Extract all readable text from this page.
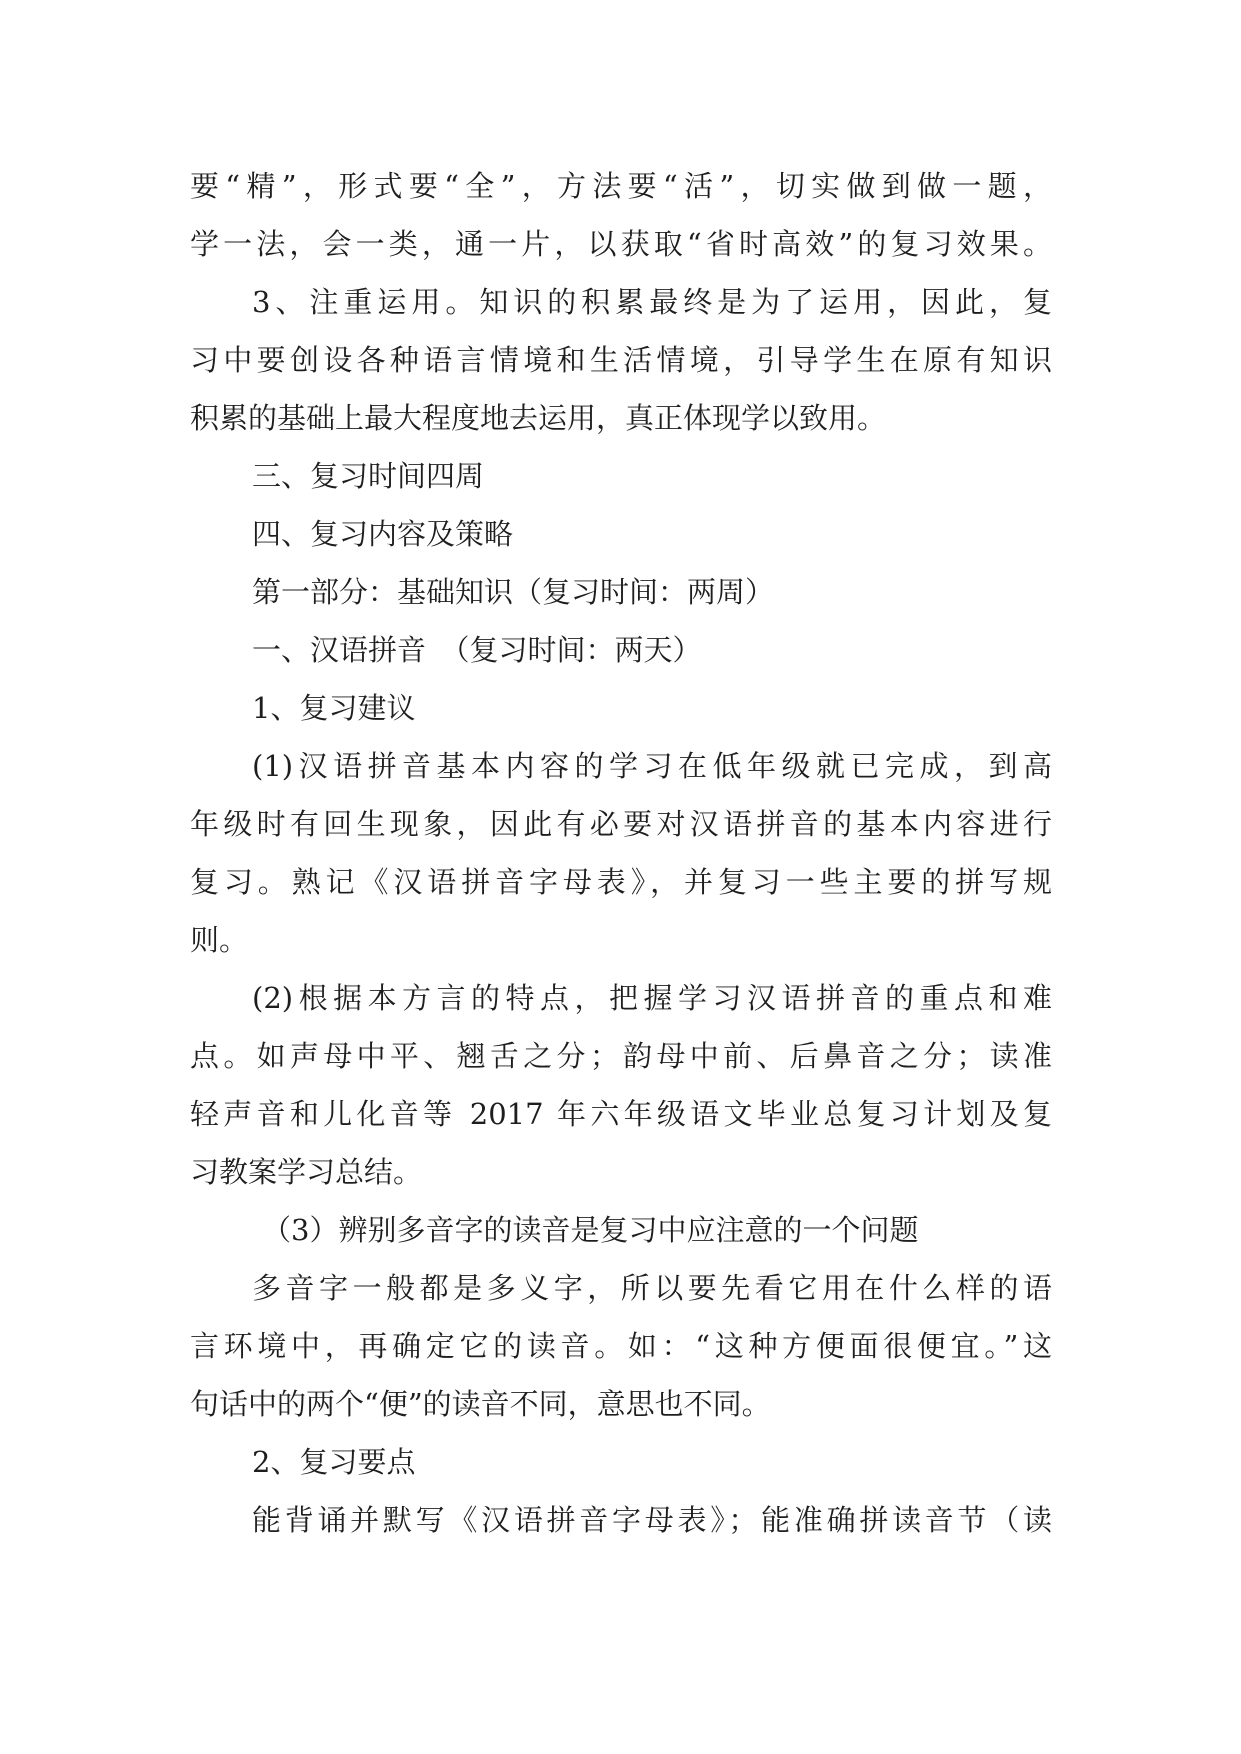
要“精”，形式要“全”，方法要“活”，切实做到做一题，

学一法，会一类，通一片，以获取“省时高效”的复习效果。

3、注重运用。知识的积累最终是为了运用，因此，复

习中要创设各种语言情境和生活情境，引导学生在原有知识

积累的基础上最大程度地去运用，真正体现学以致用。

三、复习时间四周

四、复习内容及策略

第一部分：基础知识（复习时间：两周）

一、汉语拼音　（复习时间：两天）

1、复习建议

(1)汉语拼音基本内容的学习在低年级就已完成，到高

年级时有回生现象，因此有必要对汉语拼音的基本内容进行

复习。熟记《汉语拼音字母表》，并复习一些主要的拼写规

则。

(2)根据本方言的特点，把握学习汉语拼音的重点和难

点。如声母中平、翘舌之分；韵母中前、后鼻音之分；读准

轻声音和儿化音等 2017 年六年级语文毕业总复习计划及复

习教案学习总结。

（3）辨别多音字的读音是复习中应注意的一个问题

多音字一般都是多义字，所以要先看它用在什么样的语

言环境中，再确定它的读音。如：“这种方便面很便宜。”这

句话中的两个“便”的读音不同，意思也不同。

2、复习要点

能背诵并默写《汉语拼音字母表》；能准确拼读音节（读
